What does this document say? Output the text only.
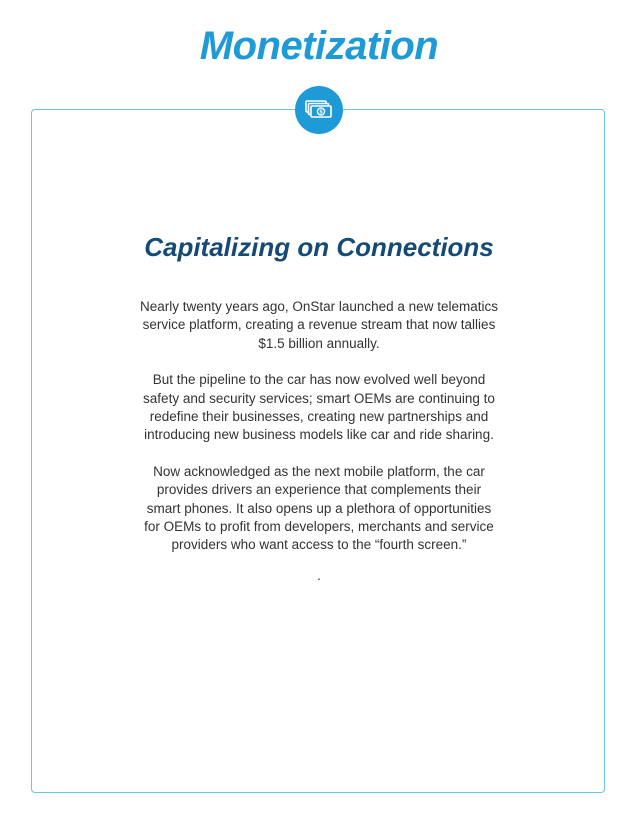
Monetization
$
Capitalizing on Connections

Nearly twenty years ago, OnStar launched a new telematics service platform, creating a revenue stream that now tallies $1.5 billion annually.

But the pipeline to the car has now evolved well beyond safety and security services; smart OEMs are continuing to redefine their businesses, creating new partnerships and introducing new business models like car and ride sharing.

Now acknowledged as the next mobile platform, the car provides drivers an experience that complements their smart phones. It also opens up a plethora of opportunities for OEMs to profit from developers, merchants and service providers who want access to the “fourth screen.”

.
